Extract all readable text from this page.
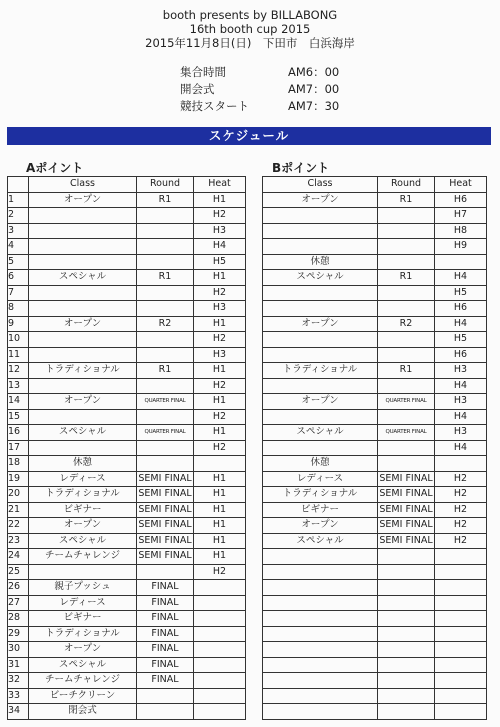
booth presents by BILLABONG
16th booth cup 2015
2015年11月8日(日)　下田市　白浜海岸
集合時間	AM6：00
開会式	AM7：00
競技スタート	AM7：30
スケジュール
Aポイント	Bポイント
	Class	Round	Heat
1	オープン	R1	H1
2			H2
3			H3
4			H4
5			H5
6	スペシャル	R1	H1
7			H2
8			H3
9	オープン	R2	H1
10			H2
11			H3
12	トラディショナル	R1	H1
13			H2
14	オープン	QUARTER FINAL	H1
15			H2
16	スペシャル	QUARTER FINAL	H1
17			H2
18	休憩		
19	レディース	SEMI FINAL	H1
20	トラディショナル	SEMI FINAL	H1
21	ビギナー	SEMI FINAL	H1
22	オープン	SEMI FINAL	H1
23	スペシャル	SEMI FINAL	H1
24	チームチャレンジ	SEMI FINAL	H1
25			H2
26	親子プッシュ	FINAL	
27	レディース	FINAL	
28	ビギナー	FINAL	
29	トラディショナル	FINAL	
30	オープン	FINAL	
31	スペシャル	FINAL	
32	チームチャレンジ	FINAL	
33	ビーチクリーン		
34	閉会式		
Class	Round	Heat
オープン	R1	H6
		H7
		H8
		H9
休憩		
スペシャル	R1	H4
		H5
		H6
オープン	R2	H4
		H5
		H6
トラディショナル	R1	H3
		H4
オープン	QUARTER FINAL	H3
		H4
スペシャル	QUARTER FINAL	H3
		H4
休憩		
レディース	SEMI FINAL	H2
トラディショナル	SEMI FINAL	H2
ビギナー	SEMI FINAL	H2
オープン	SEMI FINAL	H2
スペシャル	SEMI FINAL	H2
